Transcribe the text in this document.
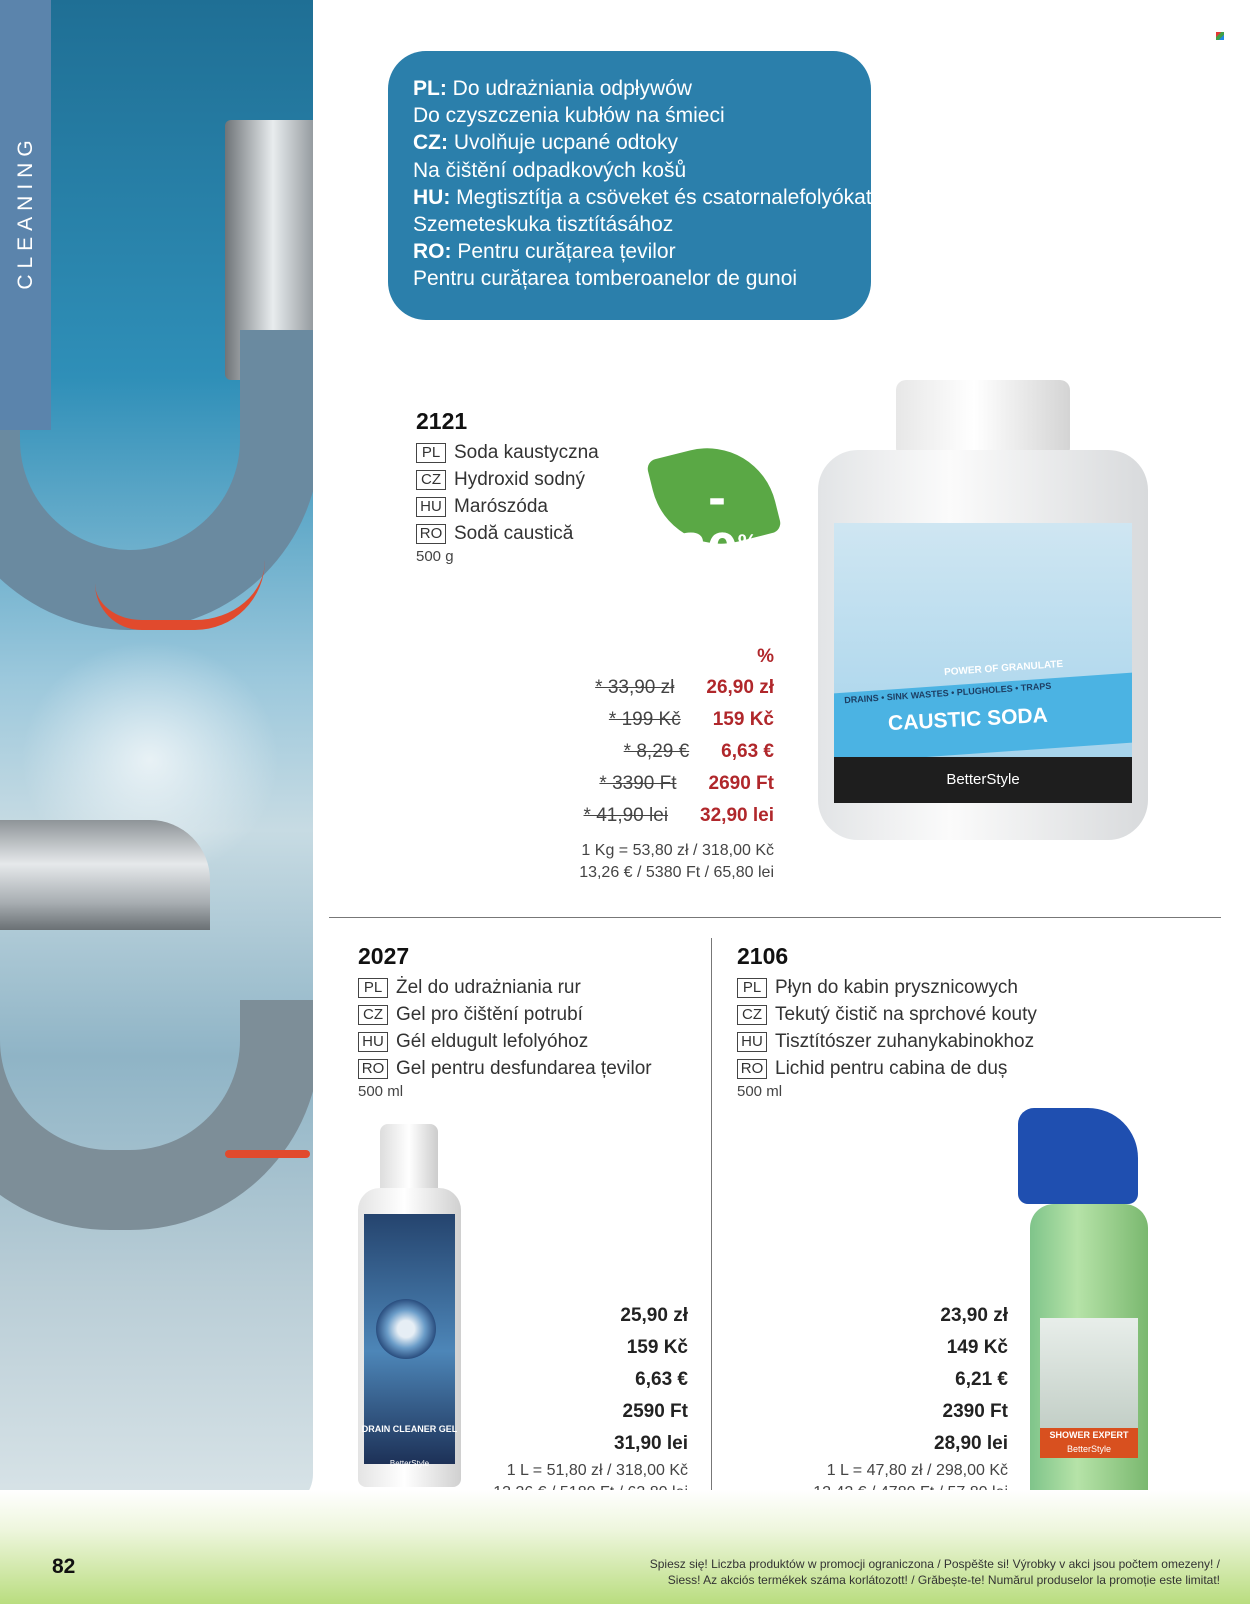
CLEANING

PL: Do udrażniania odpływów

Do czyszczenia kubłów na śmieci

CZ: Uvolňuje ucpané odtoky

Na čištění odpadkových košů

HU: Megtisztítja a csöveket és csatornalefolyókat

Szemeteskuka tisztításához

RO: Pentru curățarea țevilor

Pentru curățarea tomberoanelor de gunoi

2121
PL Soda kaustyczna
CZ Hydroxid sodný
HU Marószóda
RO Sodă caustică
500 g
- 20%
%
* 33,90 zł 26,90 zł
* 199 Kč 159 Kč
* 8,29 € 6,63 €
* 3390 Ft 2690 Ft
* 41,90 lei 32,90 lei
1 Kg = 53,80 zł / 318,00 Kč
13,26 € / 5380 Ft / 65,80 lei
POWER OF GRANULATE
DRAINS • SINK WASTES • PLUGHOLES • TRAPS
CAUSTIC SODA
BetterStyle
2027
PL Żel do udrażniania rur
CZ Gel pro čištění potrubí
HU Gél eldugult lefolyóhoz
RO Gel pentru desfundarea țevilor
500 ml
DRAIN CLEANER GEL
BetterStyle
25,90 zł
159 Kč
6,63 €
2590 Ft
31,90 lei
1 L = 51,80 zł / 318,00 Kč
2106
PL Płyn do kabin prysznicowych
CZ Tekutý čistič na sprchové kouty
HU Tisztítószer zuhanykabinokhoz
RO Lichid pentru cabina de duș
500 ml
SHOWER EXPERT
BetterStyle
23,90 zł
149 Kč
6,21 €
2390 Ft
28,90 lei
1 L = 47,80 zł / 298,00 Kč
82	Spiesz się! Liczba produktów w promocji ograniczona / Pospěšte si! Výrobky v akci jsou počtem omezeny! /
Siess! Az akciós termékek száma korlátozott! / Grăbește-te! Numărul produselor la promoție este limitat!
